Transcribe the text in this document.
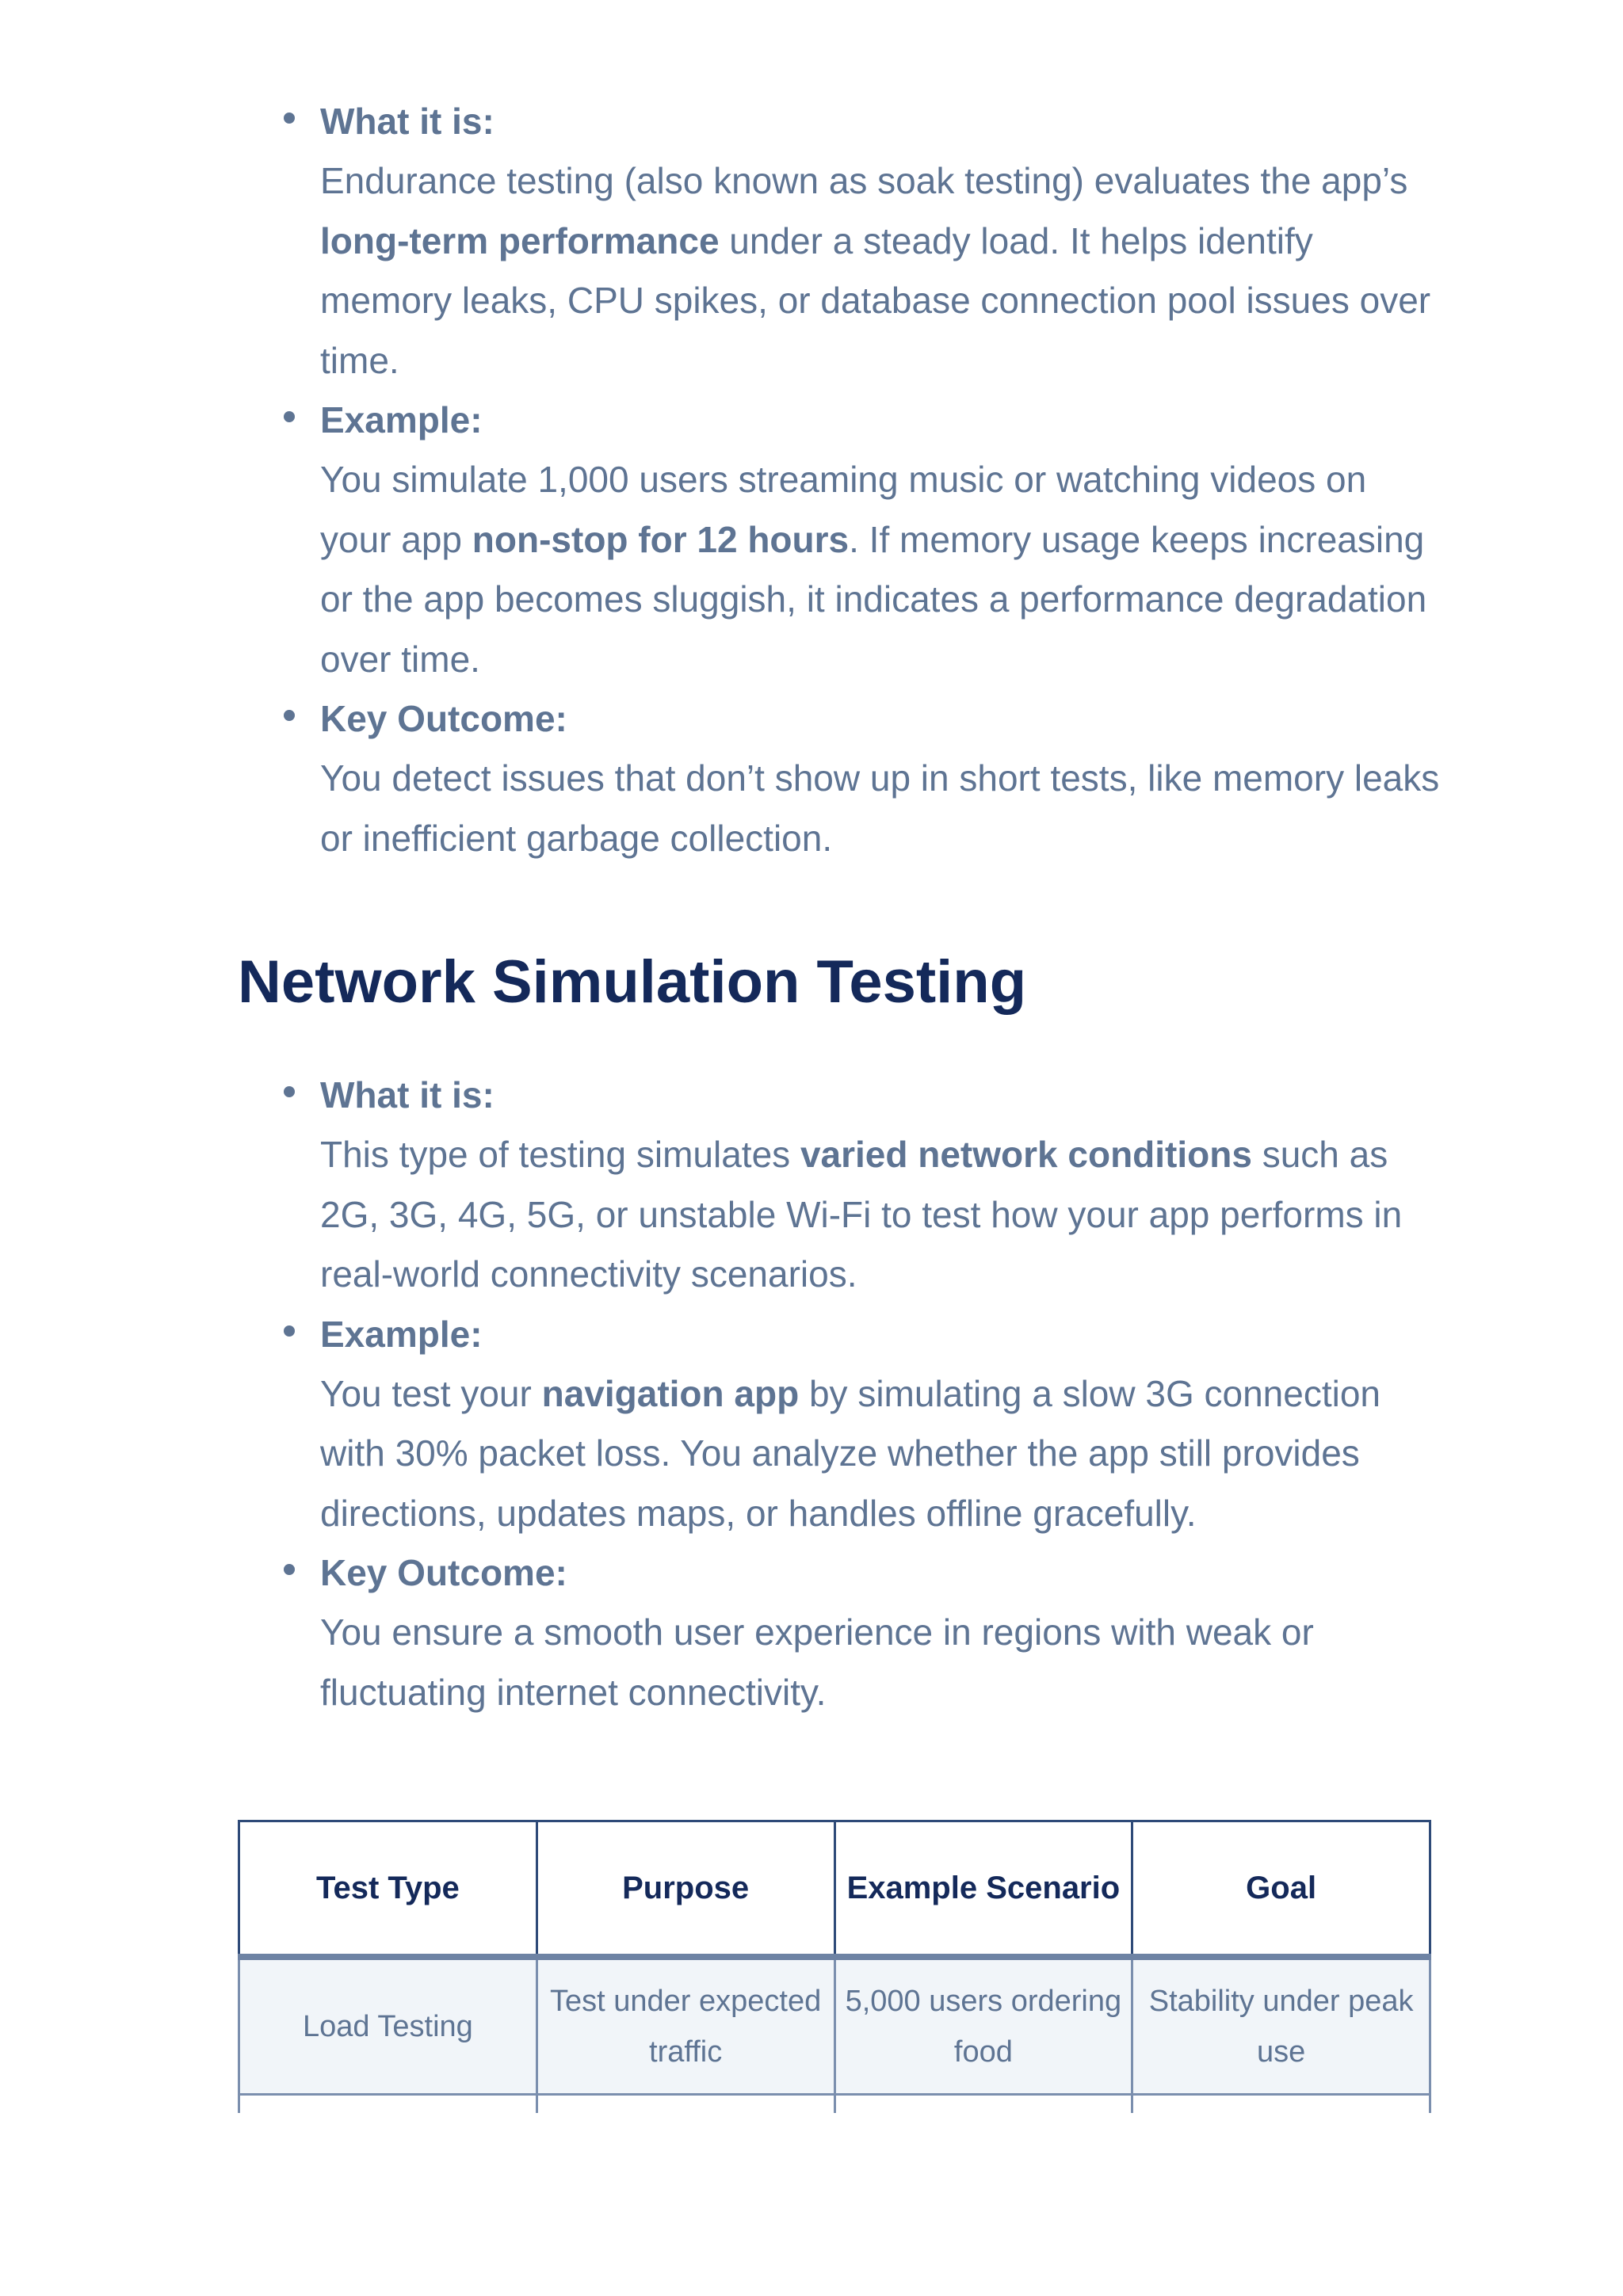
What it is:
Endurance testing (also known as soak testing) evaluates the app’s long-term performance under a steady load. It helps identify memory leaks, CPU spikes, or database connection pool issues over time.
Example:
You simulate 1,000 users streaming music or watching videos on your app non-stop for 12 hours. If memory usage keeps increasing or the app becomes sluggish, it indicates a performance degradation over time.
Key Outcome:
You detect issues that don’t show up in short tests, like memory leaks or inefficient garbage collection.
Network Simulation Testing
What it is:
This type of testing simulates varied network conditions such as 2G, 3G, 4G, 5G, or unstable Wi-Fi to test how your app performs in real-world connectivity scenarios.
Example:
You test your navigation app by simulating a slow 3G connection with 30% packet loss. You analyze whether the app still provides directions, updates maps, or handles offline gracefully.
Key Outcome:
You ensure a smooth user experience in regions with weak or fluctuating internet connectivity.
Test Type	Purpose	Example Scenario	Goal
Load Testing	Test under expected traffic	5,000 users ordering food	Stability under peak use
